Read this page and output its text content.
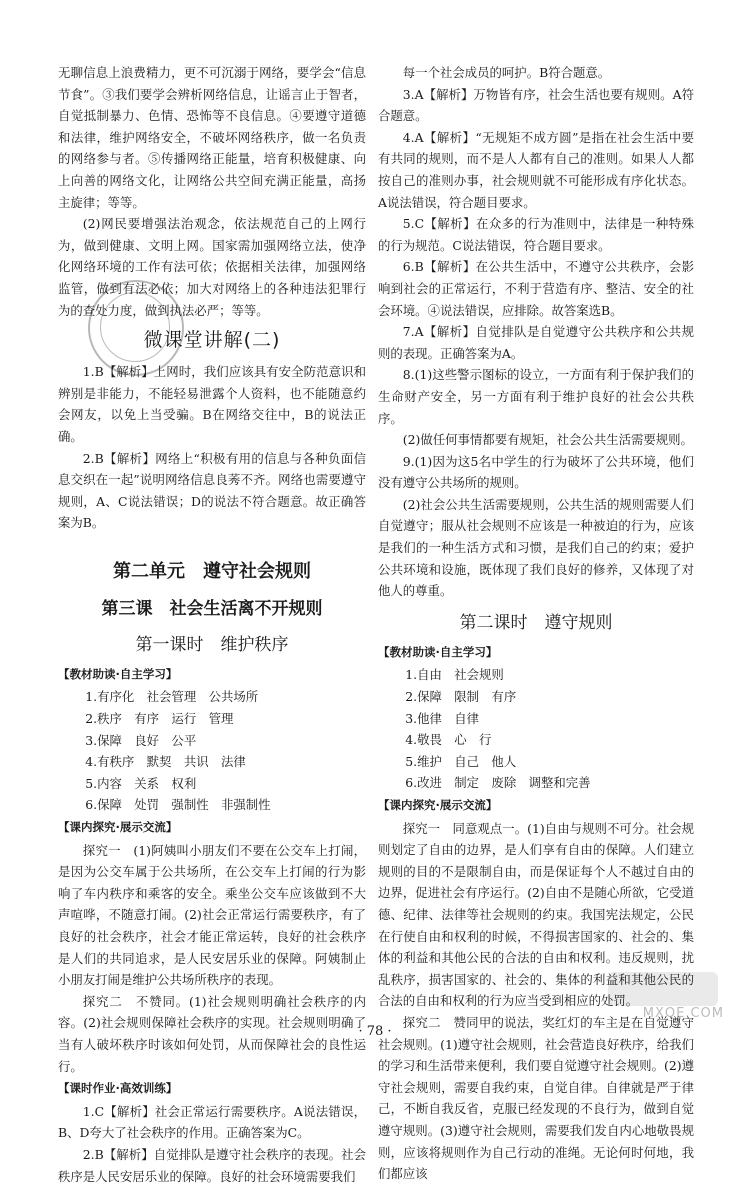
MXQE.COM

无聊信息上浪费精力，更不可沉溺于网络，要学会“信息节食”。③我们要学会辨析网络信息，让谣言止于智者，自觉抵制暴力、色情、恐怖等不良信息。④要遵守道德和法律，维护网络安全，不破坏网络秩序，做一名负责的网络参与者。⑤传播网络正能量，培育积极健康、向上向善的网络文化，让网络公共空间充满正能量，高扬主旋律；等等。

(2)网民要增强法治观念，依法规范自己的上网行为，做到健康、文明上网。国家需加强网络立法，使净化网络环境的工作有法可依；依据相关法律，加强网络监管，做到有法必依；加大对网络上的各种违法犯罪行为的查处力度，做到执法必严；等等。

微课堂讲解(二)

1.B【解析】上网时，我们应该具有安全防范意识和辨别是非能力，不能轻易泄露个人资料，也不能随意约会网友，以免上当受骗。B在网络交往中，B的说法正确。

2.B【解析】网络上“积极有用的信息与各种负面信息交织在一起”说明网络信息良莠不齐。网络也需要遵守规则，A、C说法错误；D的说法不符合题意。故正确答案为B。

第二单元　遵守社会规则
第三课　社会生活离不开规则
第一课时　维护秩序
【教材助读·自主学习】

1.有序化　社会管理　公共场所

2.秩序　有序　运行　管理

3.保障　良好　公平

4.有秩序　默契　共识　法律

5.内容　关系　权利

6.保障　处罚　强制性　非强制性

【课内探究·展示交流】

探究一　(1)阿姨叫小朋友们不要在公交车上打闹，是因为公交车属于公共场所，在公交车上打闹的行为影响了车内秩序和乘客的安全。乘坐公交车应该做到不大声喧哗，不随意打闹。(2)社会正常运行需要秩序，有了良好的社会秩序，社会才能正常运转，良好的社会秩序是人们的共同追求，是人民安居乐业的保障。阿姨制止小朋友打闹是维护公共场所秩序的表现。

探究二　不赞同。(1)社会规则明确社会秩序的内容。(2)社会规则保障社会秩序的实现。社会规则明确了当有人破坏秩序时该如何处罚，从而保障社会的良性运行。

【课时作业·高效训练】

1.C【解析】社会正常运行需要秩序。A说法错误，B、D夸大了社会秩序的作用。正确答案为C。

2.B【解析】自觉排队是遵守社会秩序的表现。社会秩序是人民安居乐业的保障。良好的社会环境需要我们

每一个社会成员的呵护。B符合题意。

3.A【解析】万物皆有序，社会生活也要有规则。A符合题意。

4.A【解析】“无规矩不成方圆”是指在社会生活中要有共同的规则，而不是人人都有自己的准则。如果人人都按自己的准则办事，社会规则就不可能形成有序化状态。A说法错误，符合题目要求。

5.C【解析】在众多的行为准则中，法律是一种特殊的行为规范。C说法错误，符合题目要求。

6.B【解析】在公共生活中，不遵守公共秩序，会影响到社会的正常运行，不利于营造有序、整洁、安全的社会环境。④说法错误，应排除。故答案选B。

7.A【解析】自觉排队是自觉遵守公共秩序和公共规则的表现。正确答案为A。

8.(1)这些警示图标的设立，一方面有利于保护我们的生命财产安全，另一方面有利于维护良好的社会公共秩序。

(2)做任何事情都要有规矩，社会公共生活需要规则。

9.(1)因为这5名中学生的行为破坏了公共环境，他们没有遵守公共场所的规则。

(2)社会公共生活需要规则，公共生活的规则需要人们自觉遵守；服从社会规则不应该是一种被迫的行为，应该是我们的一种生活方式和习惯，是我们自己的约束；爱护公共环境和设施，既体现了我们良好的修养，又体现了对他人的尊重。

第二课时　遵守规则
【教材助读·自主学习】

1.自由　社会规则

2.保障　限制　有序

3.他律　自律

4.敬畏　心　行

5.维护　自己　他人

6.改进　制定　废除　调整和完善

【课内探究·展示交流】

探究一　同意观点一。(1)自由与规则不可分。社会规则划定了自由的边界，是人们享有自由的保障。人们建立规则的目的不是限制自由，而是保证每个人不越过自由的边界，促进社会有序运行。(2)自由不是随心所欲，它受道德、纪律、法律等社会规则的约束。我国宪法规定，公民在行使自由和权利的时候，不得损害国家的、社会的、集体的利益和其他公民的合法的自由和权利。违反规则，扰乱秩序，损害国家的、社会的、集体的利益和其他公民的合法的自由和权利的行为应当受到相应的处罚。

探究二　赞同甲的说法，奖红灯的车主是在自觉遵守社会规则。(1)遵守社会规则，社会营造良好秩序，给我们的学习和生活带来便利，我们要自觉遵守社会规则。(2)遵守社会规则，需要自我约束，自觉自律。自律就是严于律己，不断自我反省，克服已经发现的不良行为，做到自觉遵守规则。(3)遵守社会规则，需要我们发自内心地敬畏规则，应该将规则作为自己行动的准绳。无论何时何地，我们都应该

· 78 ·
